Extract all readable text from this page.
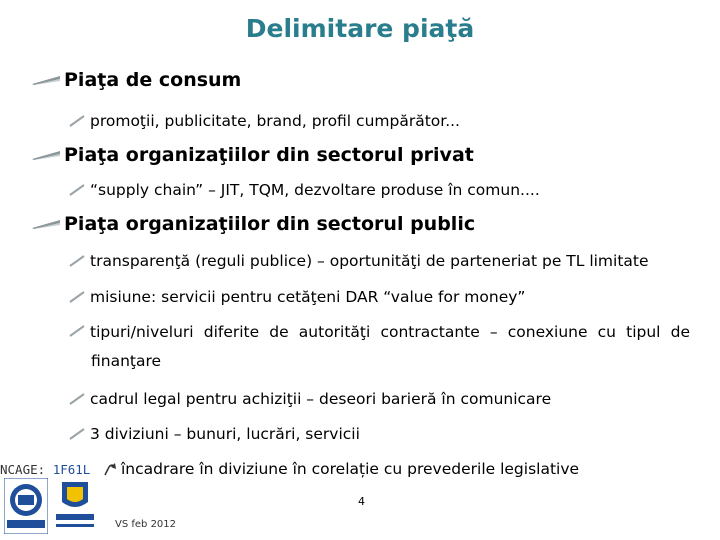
Delimitare piaţă
Piaţa de consum
promoţii, publicitate, brand, profil cumpărător...
Piaţa organizaţiilor din sectorul privat
“supply chain” – JIT, TQM, dezvoltare produse în comun....
Piaţa organizaţiilor din sectorul public
transparenţă (reguli publice) – oportunităţi de parteneriat pe TL limitate
misiune: servicii pentru cetăţeni DAR “value for money”
tipuri/niveluri diferite de autorităţi contractante – conexiune cu tipul de
finanţare
cadrul legal pentru achiziţii – deseori barieră în comunicare
3 diviziuni – bunuri, lucrări, servicii
încadrare în diviziune în corelație cu prevederile legislative
NCAGE: 1F61L
4
VS feb 2012
